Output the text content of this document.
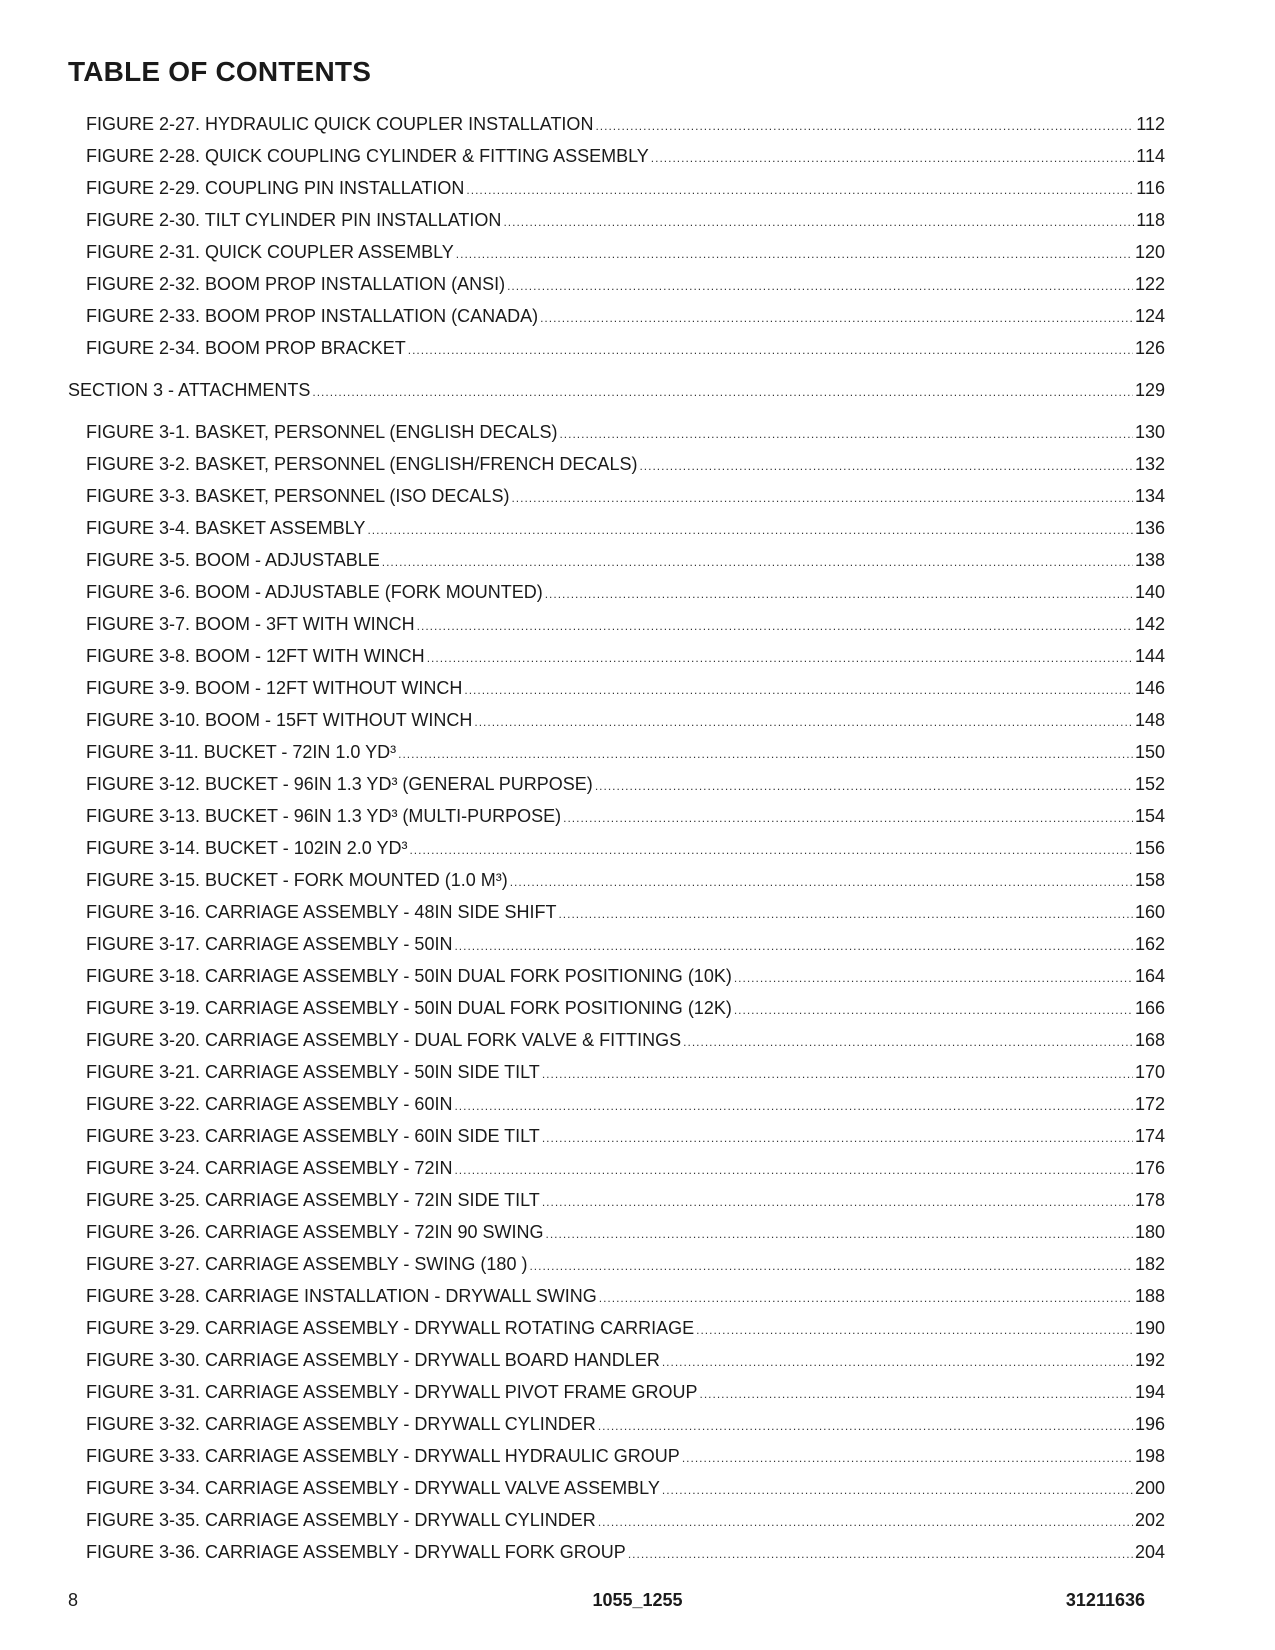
TABLE OF CONTENTS
FIGURE 2-27. HYDRAULIC QUICK COUPLER INSTALLATION .....	112
FIGURE 2-28. QUICK COUPLING CYLINDER & FITTING ASSEMBLY .....	114
FIGURE 2-29. COUPLING PIN INSTALLATION .....	116
FIGURE 2-30. TILT CYLINDER PIN INSTALLATION .....	118
FIGURE 2-31. QUICK COUPLER ASSEMBLY .....	120
FIGURE 2-32. BOOM PROP INSTALLATION (ANSI) .....	122
FIGURE 2-33. BOOM PROP INSTALLATION (CANADA) .....	124
FIGURE 2-34. BOOM PROP BRACKET .....	126
SECTION 3 - ATTACHMENTS .....	129
FIGURE 3-1. BASKET, PERSONNEL (ENGLISH DECALS) .....	130
FIGURE 3-2. BASKET, PERSONNEL (ENGLISH/FRENCH DECALS) .....	132
FIGURE 3-3. BASKET, PERSONNEL (ISO DECALS) .....	134
FIGURE 3-4. BASKET ASSEMBLY .....	136
FIGURE 3-5. BOOM - ADJUSTABLE .....	138
FIGURE 3-6. BOOM - ADJUSTABLE (FORK MOUNTED) .....	140
FIGURE 3-7. BOOM - 3FT WITH WINCH .....	142
FIGURE 3-8. BOOM - 12FT WITH WINCH .....	144
FIGURE 3-9. BOOM - 12FT WITHOUT WINCH .....	146
FIGURE 3-10. BOOM - 15FT WITHOUT WINCH .....	148
FIGURE 3-11. BUCKET - 72IN 1.0 YD³ .....	150
FIGURE 3-12. BUCKET - 96IN 1.3 YD³ (GENERAL PURPOSE) .....	152
FIGURE 3-13. BUCKET - 96IN 1.3 YD³ (MULTI-PURPOSE) .....	154
FIGURE 3-14. BUCKET - 102IN 2.0 YD³ .....	156
FIGURE 3-15. BUCKET - FORK MOUNTED (1.0 M³) .....	158
FIGURE 3-16. CARRIAGE ASSEMBLY - 48IN SIDE SHIFT .....	160
FIGURE 3-17. CARRIAGE ASSEMBLY - 50IN .....	162
FIGURE 3-18. CARRIAGE ASSEMBLY - 50IN DUAL FORK POSITIONING (10K) .....	164
FIGURE 3-19. CARRIAGE ASSEMBLY - 50IN DUAL FORK POSITIONING (12K) .....	166
FIGURE 3-20. CARRIAGE ASSEMBLY - DUAL FORK VALVE & FITTINGS .....	168
FIGURE 3-21. CARRIAGE ASSEMBLY - 50IN SIDE TILT .....	170
FIGURE 3-22. CARRIAGE ASSEMBLY - 60IN .....	172
FIGURE 3-23. CARRIAGE ASSEMBLY - 60IN SIDE TILT .....	174
FIGURE 3-24. CARRIAGE ASSEMBLY - 72IN .....	176
FIGURE 3-25. CARRIAGE ASSEMBLY - 72IN SIDE TILT .....	178
FIGURE 3-26. CARRIAGE ASSEMBLY - 72IN 90 SWING .....	180
FIGURE 3-27. CARRIAGE ASSEMBLY - SWING (180 ) .....	182
FIGURE 3-28. CARRIAGE INSTALLATION - DRYWALL SWING .....	188
FIGURE 3-29. CARRIAGE ASSEMBLY - DRYWALL ROTATING CARRIAGE .....	190
FIGURE 3-30. CARRIAGE ASSEMBLY - DRYWALL BOARD HANDLER .....	192
FIGURE 3-31. CARRIAGE ASSEMBLY - DRYWALL PIVOT FRAME GROUP .....	194
FIGURE 3-32. CARRIAGE ASSEMBLY - DRYWALL CYLINDER .....	196
FIGURE 3-33. CARRIAGE ASSEMBLY - DRYWALL HYDRAULIC GROUP .....	198
FIGURE 3-34. CARRIAGE ASSEMBLY - DRYWALL VALVE ASSEMBLY .....	200
FIGURE 3-35. CARRIAGE ASSEMBLY - DRYWALL CYLINDER .....	202
FIGURE 3-36. CARRIAGE ASSEMBLY - DRYWALL FORK GROUP .....	204
8	1055_1255	31211636
